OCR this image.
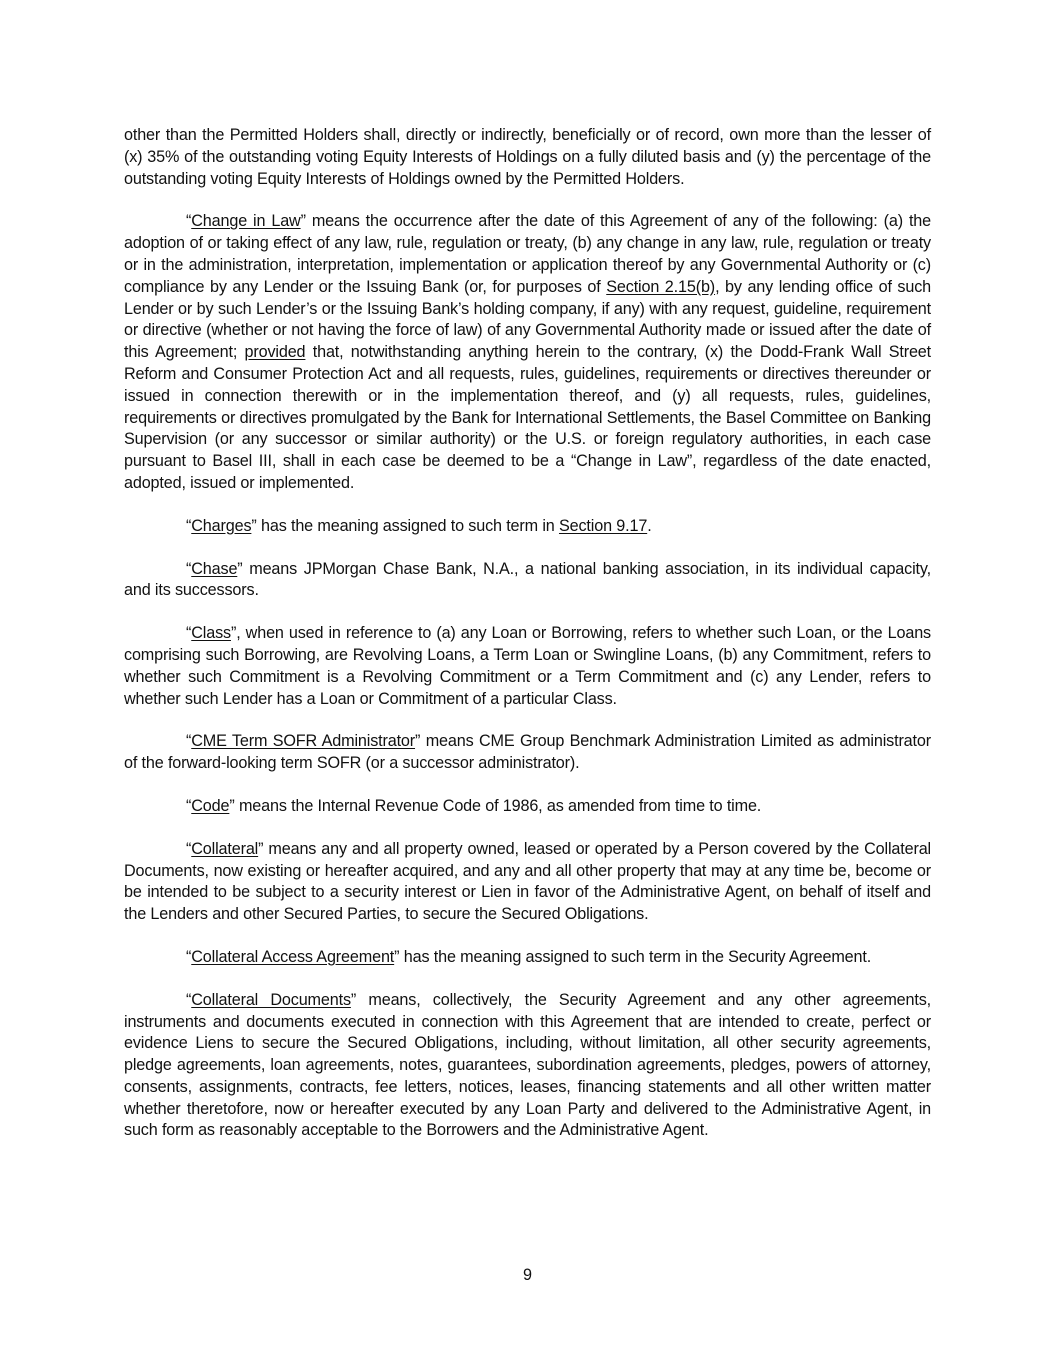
other than the Permitted Holders shall, directly or indirectly, beneficially or of record, own more than the lesser of (x) 35% of the outstanding voting Equity Interests of Holdings on a fully diluted basis and (y) the percentage of the outstanding voting Equity Interests of Holdings owned by the Permitted Holders.

“Change in Law” means the occurrence after the date of this Agreement of any of the following: (a) the adoption of or taking effect of any law, rule, regulation or treaty, (b) any change in any law, rule, regulation or treaty or in the administration, interpretation, implementation or application thereof by any Governmental Authority or (c) compliance by any Lender or the Issuing Bank (or, for purposes of Section 2.15(b), by any lending office of such Lender or by such Lender’s or the Issuing Bank’s holding company, if any) with any request, guideline, requirement or directive (whether or not having the force of law) of any Governmental Authority made or issued after the date of this Agreement; provided that, notwithstanding anything herein to the contrary, (x) the Dodd-Frank Wall Street Reform and Consumer Protection Act and all requests, rules, guidelines, requirements or directives thereunder or issued in connection therewith or in the implementation thereof, and (y) all requests, rules, guidelines, requirements or directives promulgated by the Bank for International Settlements, the Basel Committee on Banking Supervision (or any successor or similar authority) or the U.S. or foreign regulatory authorities, in each case pursuant to Basel III, shall in each case be deemed to be a “Change in Law”, regardless of the date enacted, adopted, issued or implemented.

“Charges” has the meaning assigned to such term in Section 9.17.

“Chase” means JPMorgan Chase Bank, N.A., a national banking association, in its individual capacity, and its successors.

“Class”, when used in reference to (a) any Loan or Borrowing, refers to whether such Loan, or the Loans comprising such Borrowing, are Revolving Loans, a Term Loan or Swingline Loans, (b) any Commitment, refers to whether such Commitment is a Revolving Commitment or a Term Commitment and (c) any Lender, refers to whether such Lender has a Loan or Commitment of a particular Class.

“CME Term SOFR Administrator” means CME Group Benchmark Administration Limited as administrator of the forward-looking term SOFR (or a successor administrator).

“Code” means the Internal Revenue Code of 1986, as amended from time to time.

“Collateral” means any and all property owned, leased or operated by a Person covered by the Collateral Documents, now existing or hereafter acquired, and any and all other property that may at any time be, become or be intended to be subject to a security interest or Lien in favor of the Administrative Agent, on behalf of itself and the Lenders and other Secured Parties, to secure the Secured Obligations.

“Collateral Access Agreement” has the meaning assigned to such term in the Security Agreement.

“Collateral Documents” means, collectively, the Security Agreement and any other agreements, instruments and documents executed in connection with this Agreement that are intended to create, perfect or evidence Liens to secure the Secured Obligations, including, without limitation, all other security agreements, pledge agreements, loan agreements, notes, guarantees, subordination agreements, pledges, powers of attorney, consents, assignments, contracts, fee letters, notices, leases, financing statements and all other written matter whether theretofore, now or hereafter executed by any Loan Party and delivered to the Administrative Agent, in such form as reasonably acceptable to the Borrowers and the Administrative Agent.

9
